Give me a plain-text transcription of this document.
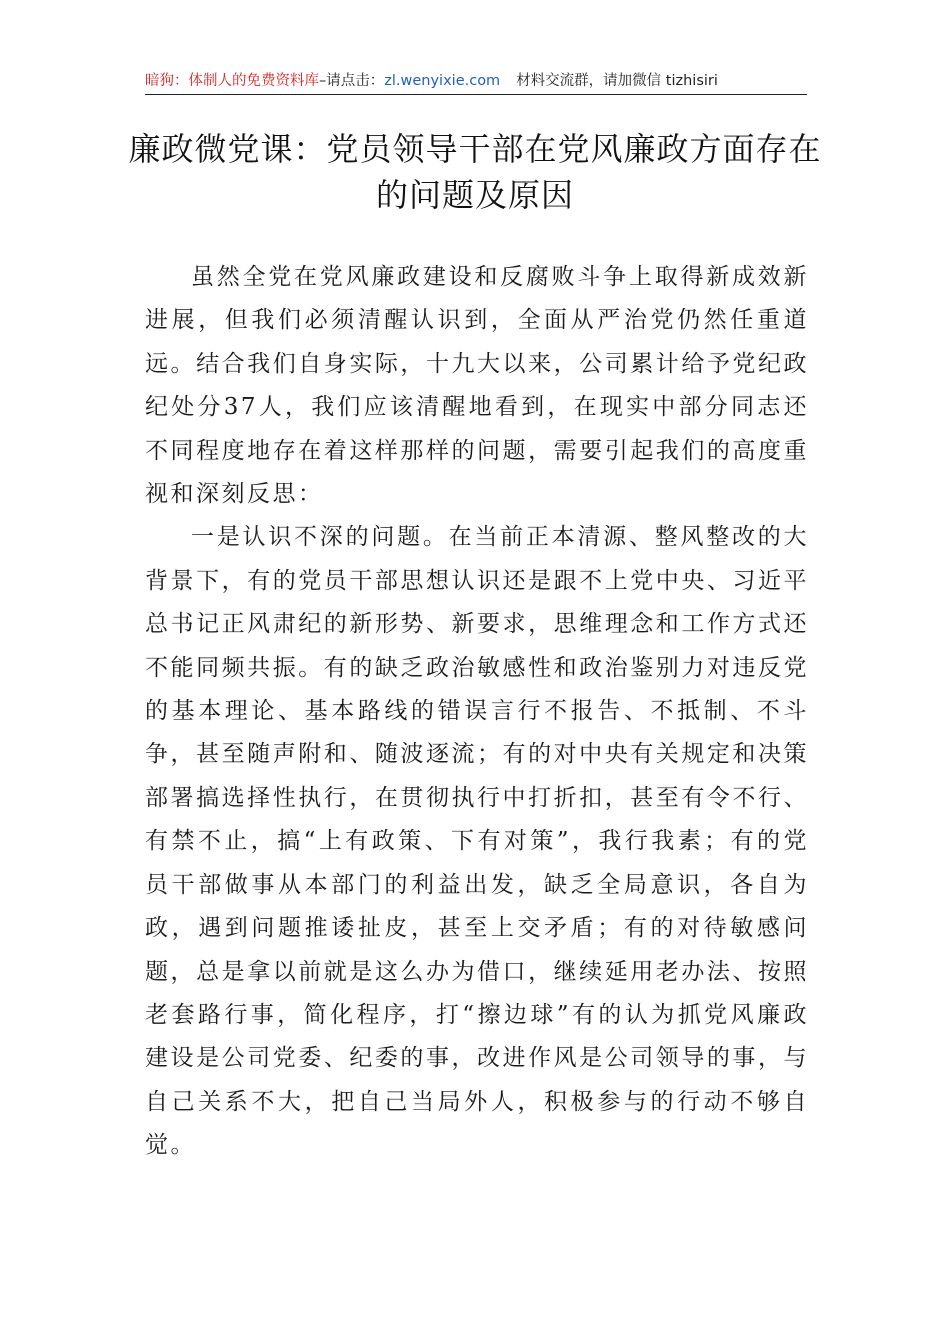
暗狗：体制人的免费资料库–请点击：zl.wenyixie.com 材料交流群，请加微信 tizhisiri
廉政微党课：党员领导干部在党风廉政方面存在的问题及原因

虽然全党在党风廉政建设和反腐败斗争上取得新成效新进展，但我们必须清醒认识到，全面从严治党仍然任重道远。结合我们自身实际，十九大以来，公司累计给予党纪政纪处分37人，我们应该清醒地看到，在现实中部分同志还不同程度地存在着这样那样的问题，需要引起我们的高度重视和深刻反思：

一是认识不深的问题。在当前正本清源、整风整改的大背景下，有的党员干部思想认识还是跟不上党中央、习近平总书记正风肃纪的新形势、新要求，思维理念和工作方式还不能同频共振。有的缺乏政治敏感性和政治鉴别力对违反党的基本理论、基本路线的错误言行不报告、不抵制、不斗争，甚至随声附和、随波逐流；有的对中央有关规定和决策部署搞选择性执行，在贯彻执行中打折扣，甚至有令不行、有禁不止，搞“上有政策、下有对策”，我行我素；有的党员干部做事从本部门的利益出发，缺乏全局意识，各自为政，遇到问题推诿扯皮，甚至上交矛盾；有的对待敏感问题，总是拿以前就是这么办为借口，继续延用老办法、按照老套路行事，简化程序，打“擦边球”有的认为抓党风廉政建设是公司党委、纪委的事，改进作风是公司领导的事，与自己关系不大，把自己当局外人，积极参与的行动不够自觉。
